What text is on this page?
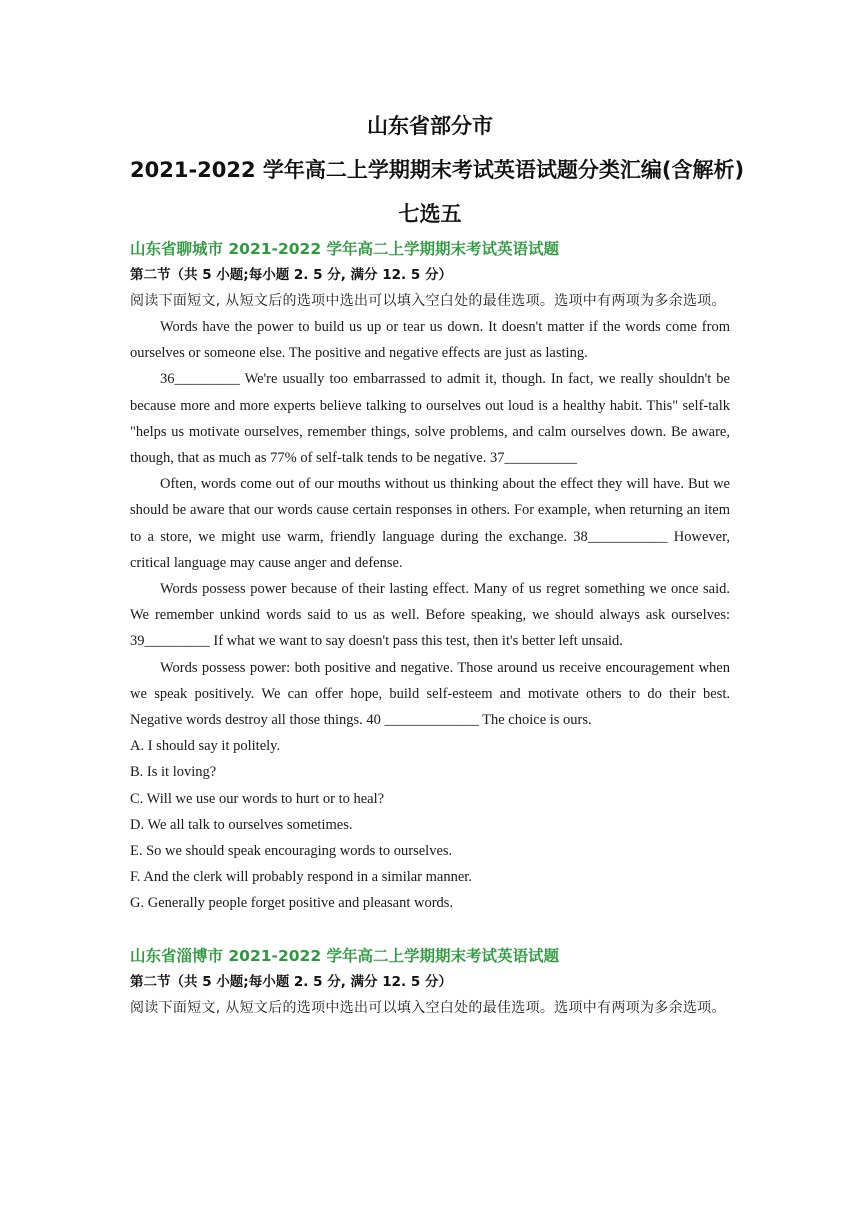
山东省部分市

2021-2022 学年高二上学期期末考试英语试题分类汇编(含解析)

七选五

山东省聊城市 2021-2022 学年高二上学期期末考试英语试题

第二节（共 5 小题;每小题 2. 5 分, 满分 12. 5 分）

阅读下面短文, 从短文后的选项中选出可以填入空白处的最佳选项。选项中有两项为多余选项。

Words have the power to build us up or tear us down. It doesn't matter if the words come from ourselves or someone else. The positive and negative effects are just as lasting.

36_________ We're usually too embarrassed to admit it, though. In fact, we really shouldn't be because more and more experts believe talking to ourselves out loud is a healthy habit. This" self-talk "helps us motivate ourselves, remember things, solve problems, and calm ourselves down. Be aware, though, that as much as 77% of self-talk tends to be negative. 37__________

Often, words come out of our mouths without us thinking about the effect they will have. But we should be aware that our words cause certain responses in others. For example, when returning an item to a store, we might use warm, friendly language during the exchange. 38___________ However, critical language may cause anger and defense.

Words possess power because of their lasting effect. Many of us regret something we once said. We remember unkind words said to us as well. Before speaking, we should always ask ourselves: 39_________ If what we want to say doesn't pass this test, then it's better left unsaid.

Words possess power: both positive and negative. Those around us receive encouragement when we speak positively. We can offer hope, build self-esteem and motivate others to do their best. Negative words destroy all those things. 40 _____________ The choice is ours.

A. I should say it politely.

B. Is it loving?

C. Will we use our words to hurt or to heal?

D. We all talk to ourselves sometimes.

E. So we should speak encouraging words to ourselves.

F. And the clerk will probably respond in a similar manner.

G. Generally people forget positive and pleasant words.

山东省淄博市 2021-2022 学年高二上学期期末考试英语试题

第二节（共 5 小题;每小题 2. 5 分, 满分 12. 5 分）

阅读下面短文, 从短文后的选项中选出可以填入空白处的最佳选项。选项中有两项为多余选项。
